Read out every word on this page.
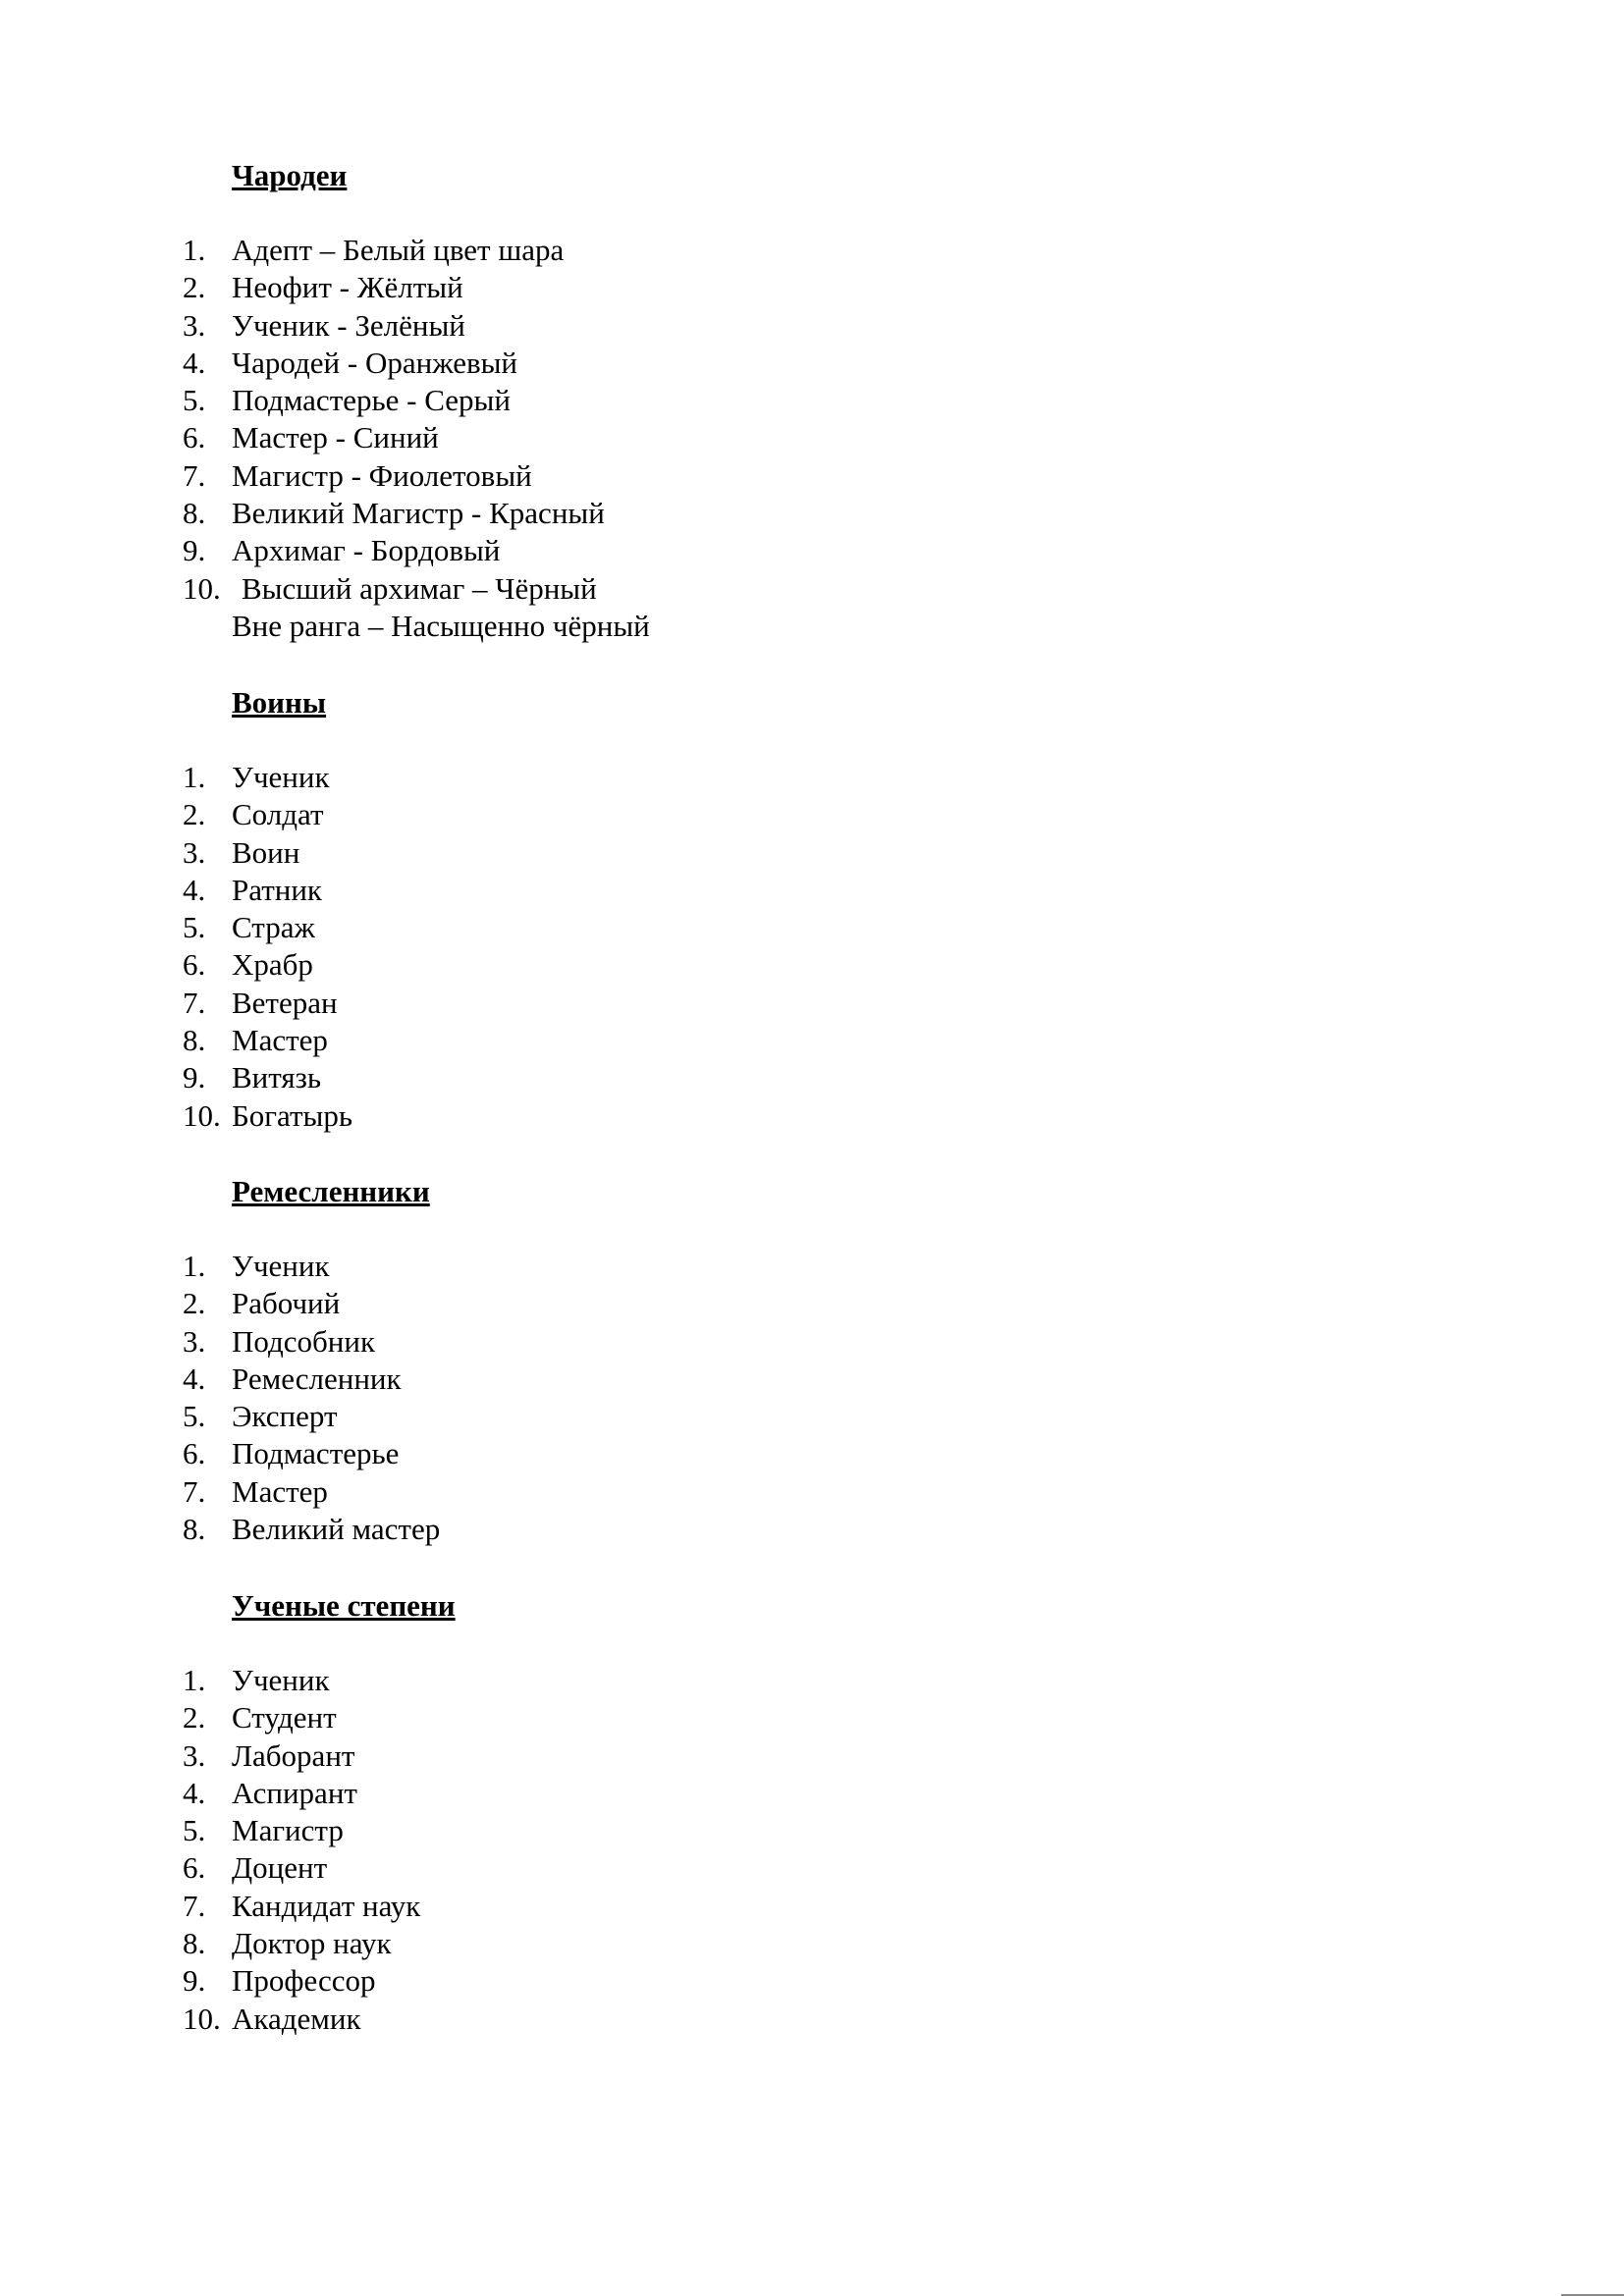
Чародеи
1. Адепт – Белый цвет шара
2. Неофит - Жёлтый
3. Ученик - Зелёный
4. Чародей - Оранжевый
5. Подмастерье - Серый
6. Мастер - Синий
7. Магистр - Фиолетовый
8. Великий Магистр - Красный
9. Архимаг - Бордовый
10. Высший архимаг – Чёрный
Вне ранга – Насыщенно чёрный
Воины
1. Ученик
2. Солдат
3. Воин
4. Ратник
5. Страж
6. Храбр
7. Ветеран
8. Мастер
9. Витязь
10. Богатырь
Ремесленники
1. Ученик
2. Рабочий
3. Подсобник
4. Ремесленник
5. Эксперт
6. Подмастерье
7. Мастер
8. Великий мастер
Ученые степени
1. Ученик
2. Студент
3. Лаборант
4. Аспирант
5. Магистр
6. Доцент
7. Кандидат наук
8. Доктор наук
9. Профессор
10. Академик
